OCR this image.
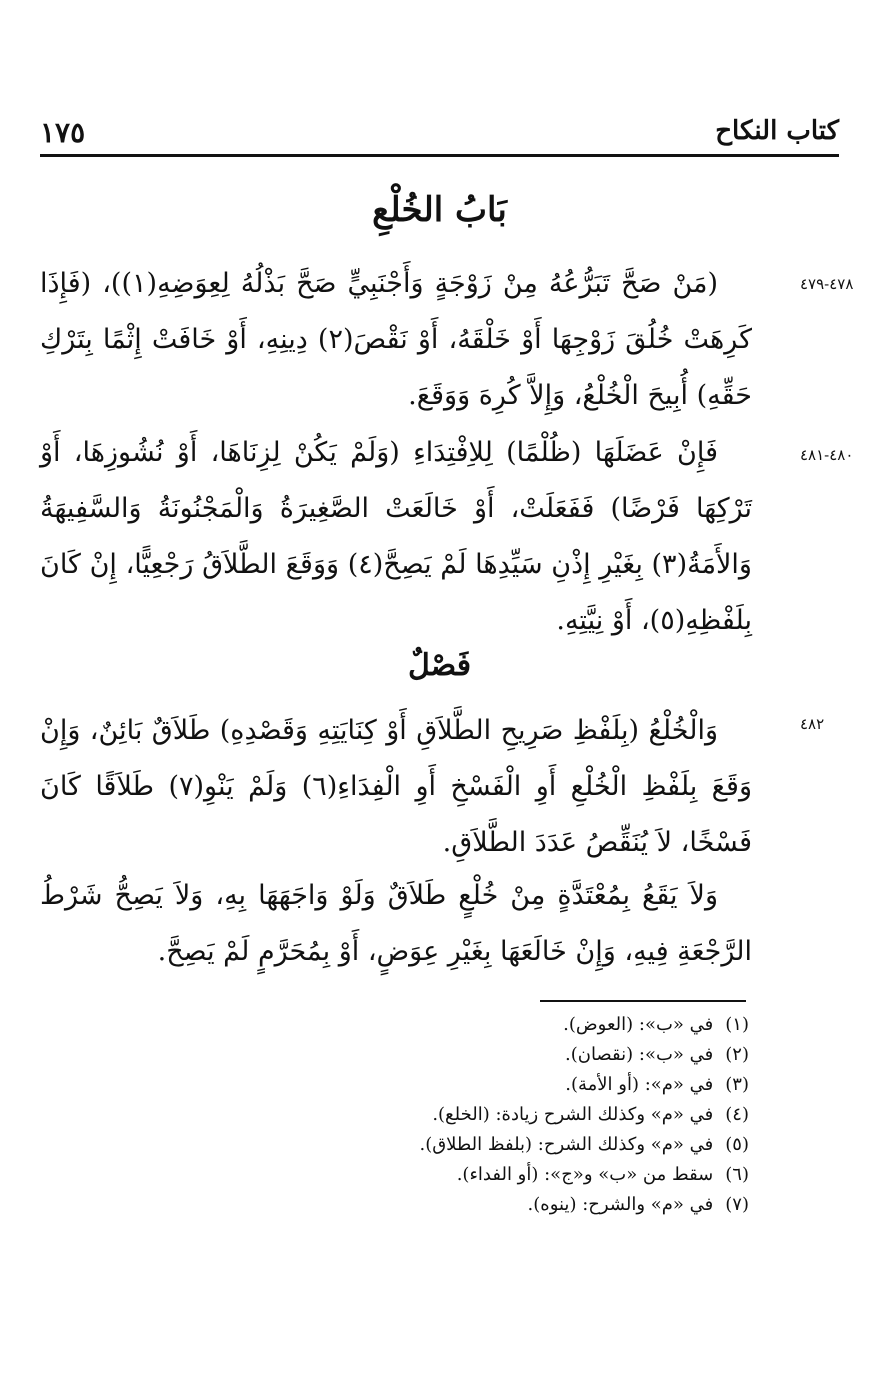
١٧٥	كتاب النكاح
بَابُ الخُلْعِ
٤٧٨-٤٧٩
(مَنْ صَحَّ تَبَرُّعُهُ مِنْ زَوْجَةٍ وَأَجْنَبِيٍّ صَحَّ بَذْلُهُ لِعِوَضِهِ(١))، (فَإِذَا كَرِهَتْ خُلُقَ زَوْجِهَا أَوْ خَلْقَهُ، أَوْ نَقْصَ(٢) دِينِهِ، أَوْ خَافَتْ إِثْمًا بِتَرْكِ حَقِّهِ) أُبِيحَ الْخُلْعُ، وَإِلاَّ كُرِهَ وَوَقَعَ.
٤٨٠-٤٨١
فَإِنْ عَضَلَهَا (ظُلْمًا) لِلاِفْتِدَاءِ (وَلَمْ يَكُنْ لِزِنَاهَا، أَوْ نُشُوزِهَا، أَوْ تَرْكِهَا فَرْضًا) فَفَعَلَتْ، أَوْ خَالَعَتْ الصَّغِيرَةُ وَالْمَجْنُونَةُ وَالسَّفِيهَةُ وَالأَمَةُ(٣) بِغَيْرِ إِذْنِ سَيِّدِهَا لَمْ يَصِحَّ(٤) وَوَقَعَ الطَّلاَقُ رَجْعِيًّا، إِنْ كَانَ بِلَفْظِهِ(٥)، أَوْ نِيَّتِهِ.
فَصْلٌ
٤٨٢
وَالْخُلْعُ (بِلَفْظِ صَرِيحِ الطَّلاَقِ أَوْ كِنَايَتِهِ وَقَصْدِهِ) طَلاَقٌ بَائِنٌ، وَإِنْ وَقَعَ بِلَفْظِ الْخُلْعِ أَوِ الْفَسْخِ أَوِ الْفِدَاءِ(٦) وَلَمْ يَنْوِ(٧) طَلاَقًا كَانَ فَسْخًا، لاَ يُنَقِّصُ عَدَدَ الطَّلاَقِ.
وَلاَ يَقَعُ بِمُعْتَدَّةٍ مِنْ خُلْعٍ طَلاَقٌ وَلَوْ وَاجَهَهَا بِهِ، وَلاَ يَصِحُّ شَرْطُ الرَّجْعَةِ فِيهِ، وَإِنْ خَالَعَهَا بِغَيْرِ عِوَضٍ، أَوْ بِمُحَرَّمٍ لَمْ يَصِحَّ.
(١) في «ب»: (العوض).
(٢) في «ب»: (نقصان).
(٣) في «م»: (أو الأمة).
(٤) في «م» وكذلك الشرح زيادة: (الخلع).
(٥) في «م» وكذلك الشرح: (بلفظ الطلاق).
(٦) سقط من «ب» و«ج»: (أو الفداء).
(٧) في «م» والشرح: (ينوه).
